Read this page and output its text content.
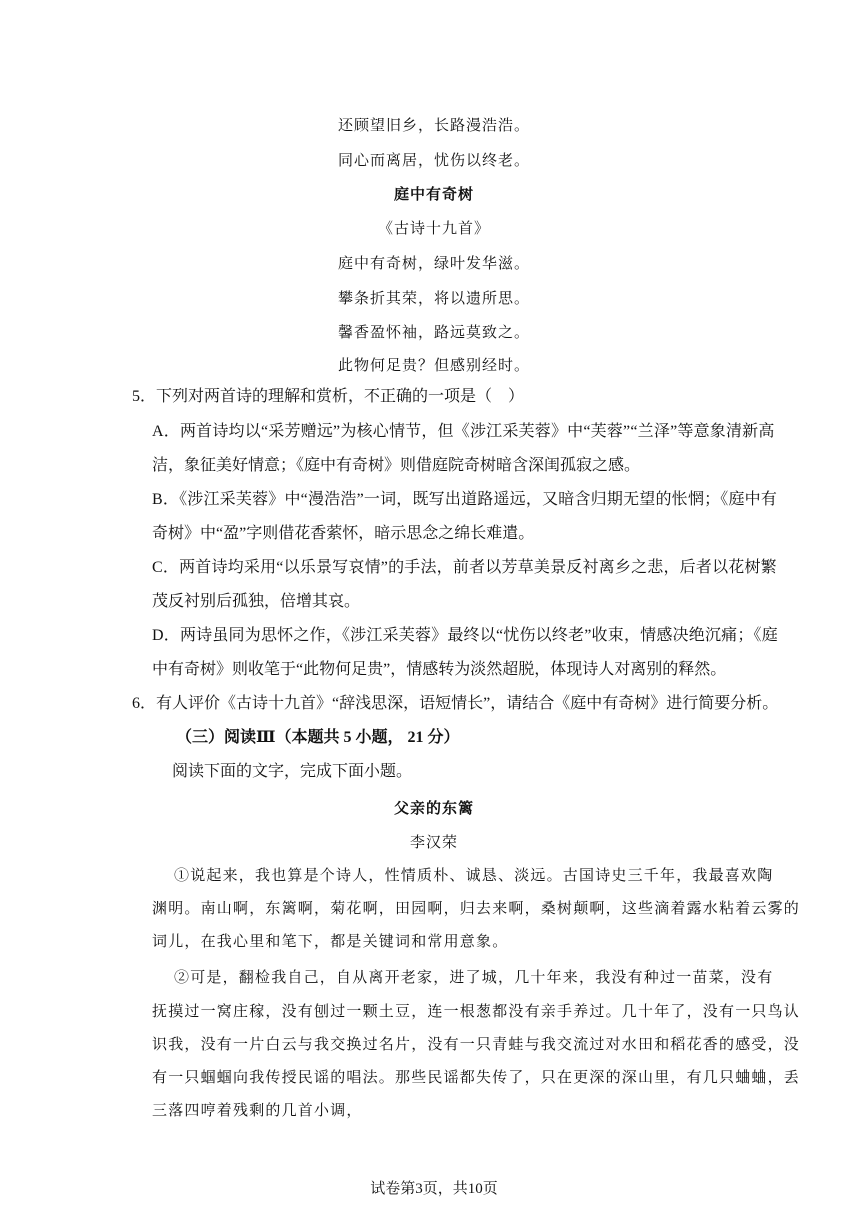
还顾望旧乡，长路漫浩浩。
同心而离居，忧伤以终老。
庭中有奇树
《古诗十九首》
庭中有奇树，绿叶发华滋。
攀条折其荣，将以遗所思。
馨香盈怀袖，路远莫致之。
此物何足贵？但感别经时。
5．下列对两首诗的理解和赏析，不正确的一项是（　）
A．两首诗均以“采芳赠远”为核心情节，但《涉江采芙蓉》中“芙蓉”“兰泽”等意象清新高
洁，象征美好情意；《庭中有奇树》则借庭院奇树暗含深闺孤寂之感。
B．《涉江采芙蓉》中“漫浩浩”一词，既写出道路遥远，又暗含归期无望的怅惘；《庭中有
奇树》中“盈”字则借花香萦怀，暗示思念之绵长难遣。
C．两首诗均采用“以乐景写哀情”的手法，前者以芳草美景反衬离乡之悲，后者以花树繁
茂反衬别后孤独，倍增其哀。
D．两诗虽同为思怀之作，《涉江采芙蓉》最终以“忧伤以终老”收束，情感决绝沉痛；《庭
中有奇树》则收笔于“此物何足贵”，情感转为淡然超脱，体现诗人对离别的释然。
6．有人评价《古诗十九首》“辞浅思深，语短情长”，请结合《庭中有奇树》进行简要分析。
（三）阅读Ⅲ（本题共 5 小题， 21 分）
阅读下面的文字，完成下面小题。
父亲的东篱
李汉荣
①说起来，我也算是个诗人，性情质朴、诚恳、淡远。古国诗史三千年，我最喜欢陶
渊明。南山啊，东篱啊，菊花啊，田园啊，归去来啊，桑树颠啊，这些滴着露水粘着云雾的
词儿，在我心里和笔下，都是关键词和常用意象。
②可是，翻检我自己，自从离开老家，进了城，几十年来，我没有种过一苗菜，没有
抚摸过一窝庄稼，没有刨过一颗土豆，连一根葱都没有亲手养过。几十年了，没有一只鸟认
识我，没有一片白云与我交换过名片，没有一只青蛙与我交流过对水田和稻花香的感受，没
有一只蝈蝈向我传授民谣的唱法。那些民谣都失传了，只在更深的深山里，有几只蛐蛐，丢
三落四哼着残剩的几首小调，
试卷第3页，共10页
